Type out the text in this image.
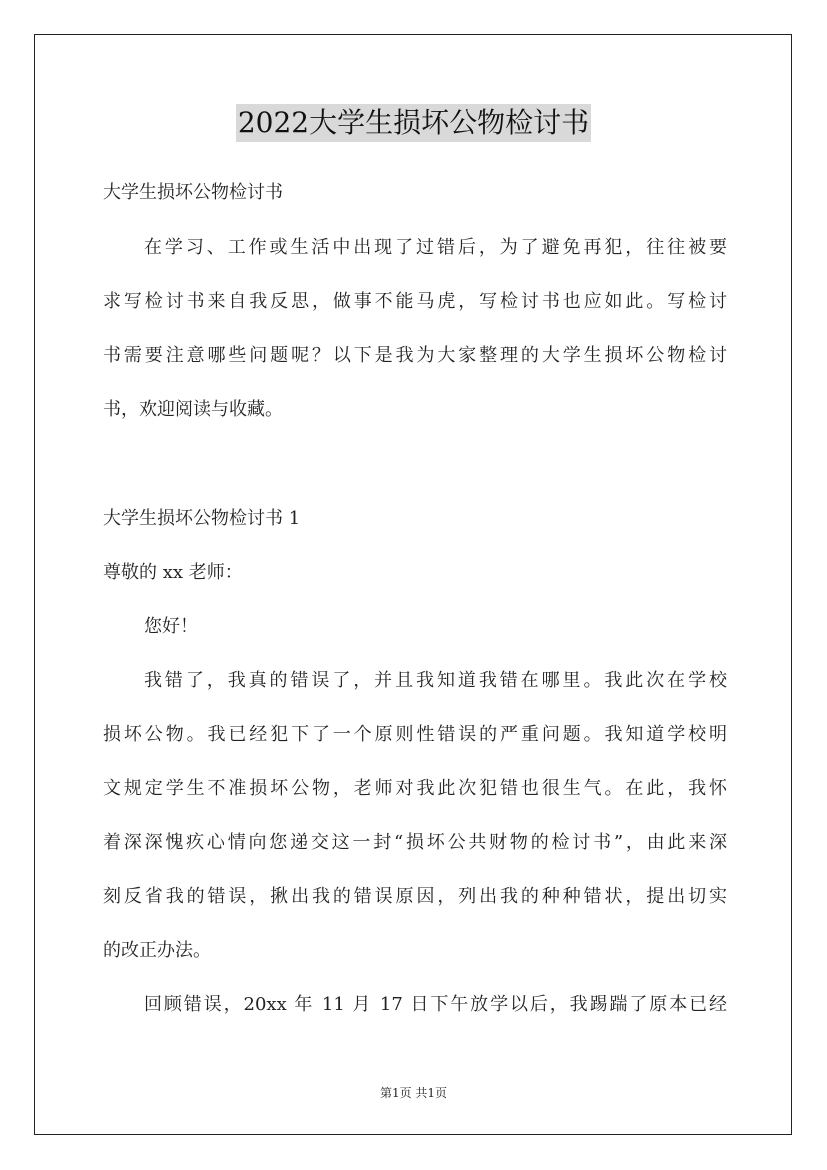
2022大学生损坏公物检讨书
大学生损坏公物检讨书
在学习、工作或生活中出现了过错后，为了避免再犯，往往被要
求写检讨书来自我反思，做事不能马虎，写检讨书也应如此。写检讨
书需要注意哪些问题呢？以下是我为大家整理的大学生损坏公物检讨
书，欢迎阅读与收藏。
大学生损坏公物检讨书 1
尊敬的 xx 老师：
您好！
我错了，我真的错误了，并且我知道我错在哪里。我此次在学校
损坏公物。我已经犯下了一个原则性错误的严重问题。我知道学校明
文规定学生不准损坏公物，老师对我此次犯错也很生气。在此，我怀
着深深愧疚心情向您递交这一封“损坏公共财物的检讨书”，由此来深
刻反省我的错误，揪出我的错误原因，列出我的种种错状，提出切实
的改正办法。
回顾错误，20xx 年 11 月 17 日下午放学以后，我踢踹了原本已经
第1页 共1页
